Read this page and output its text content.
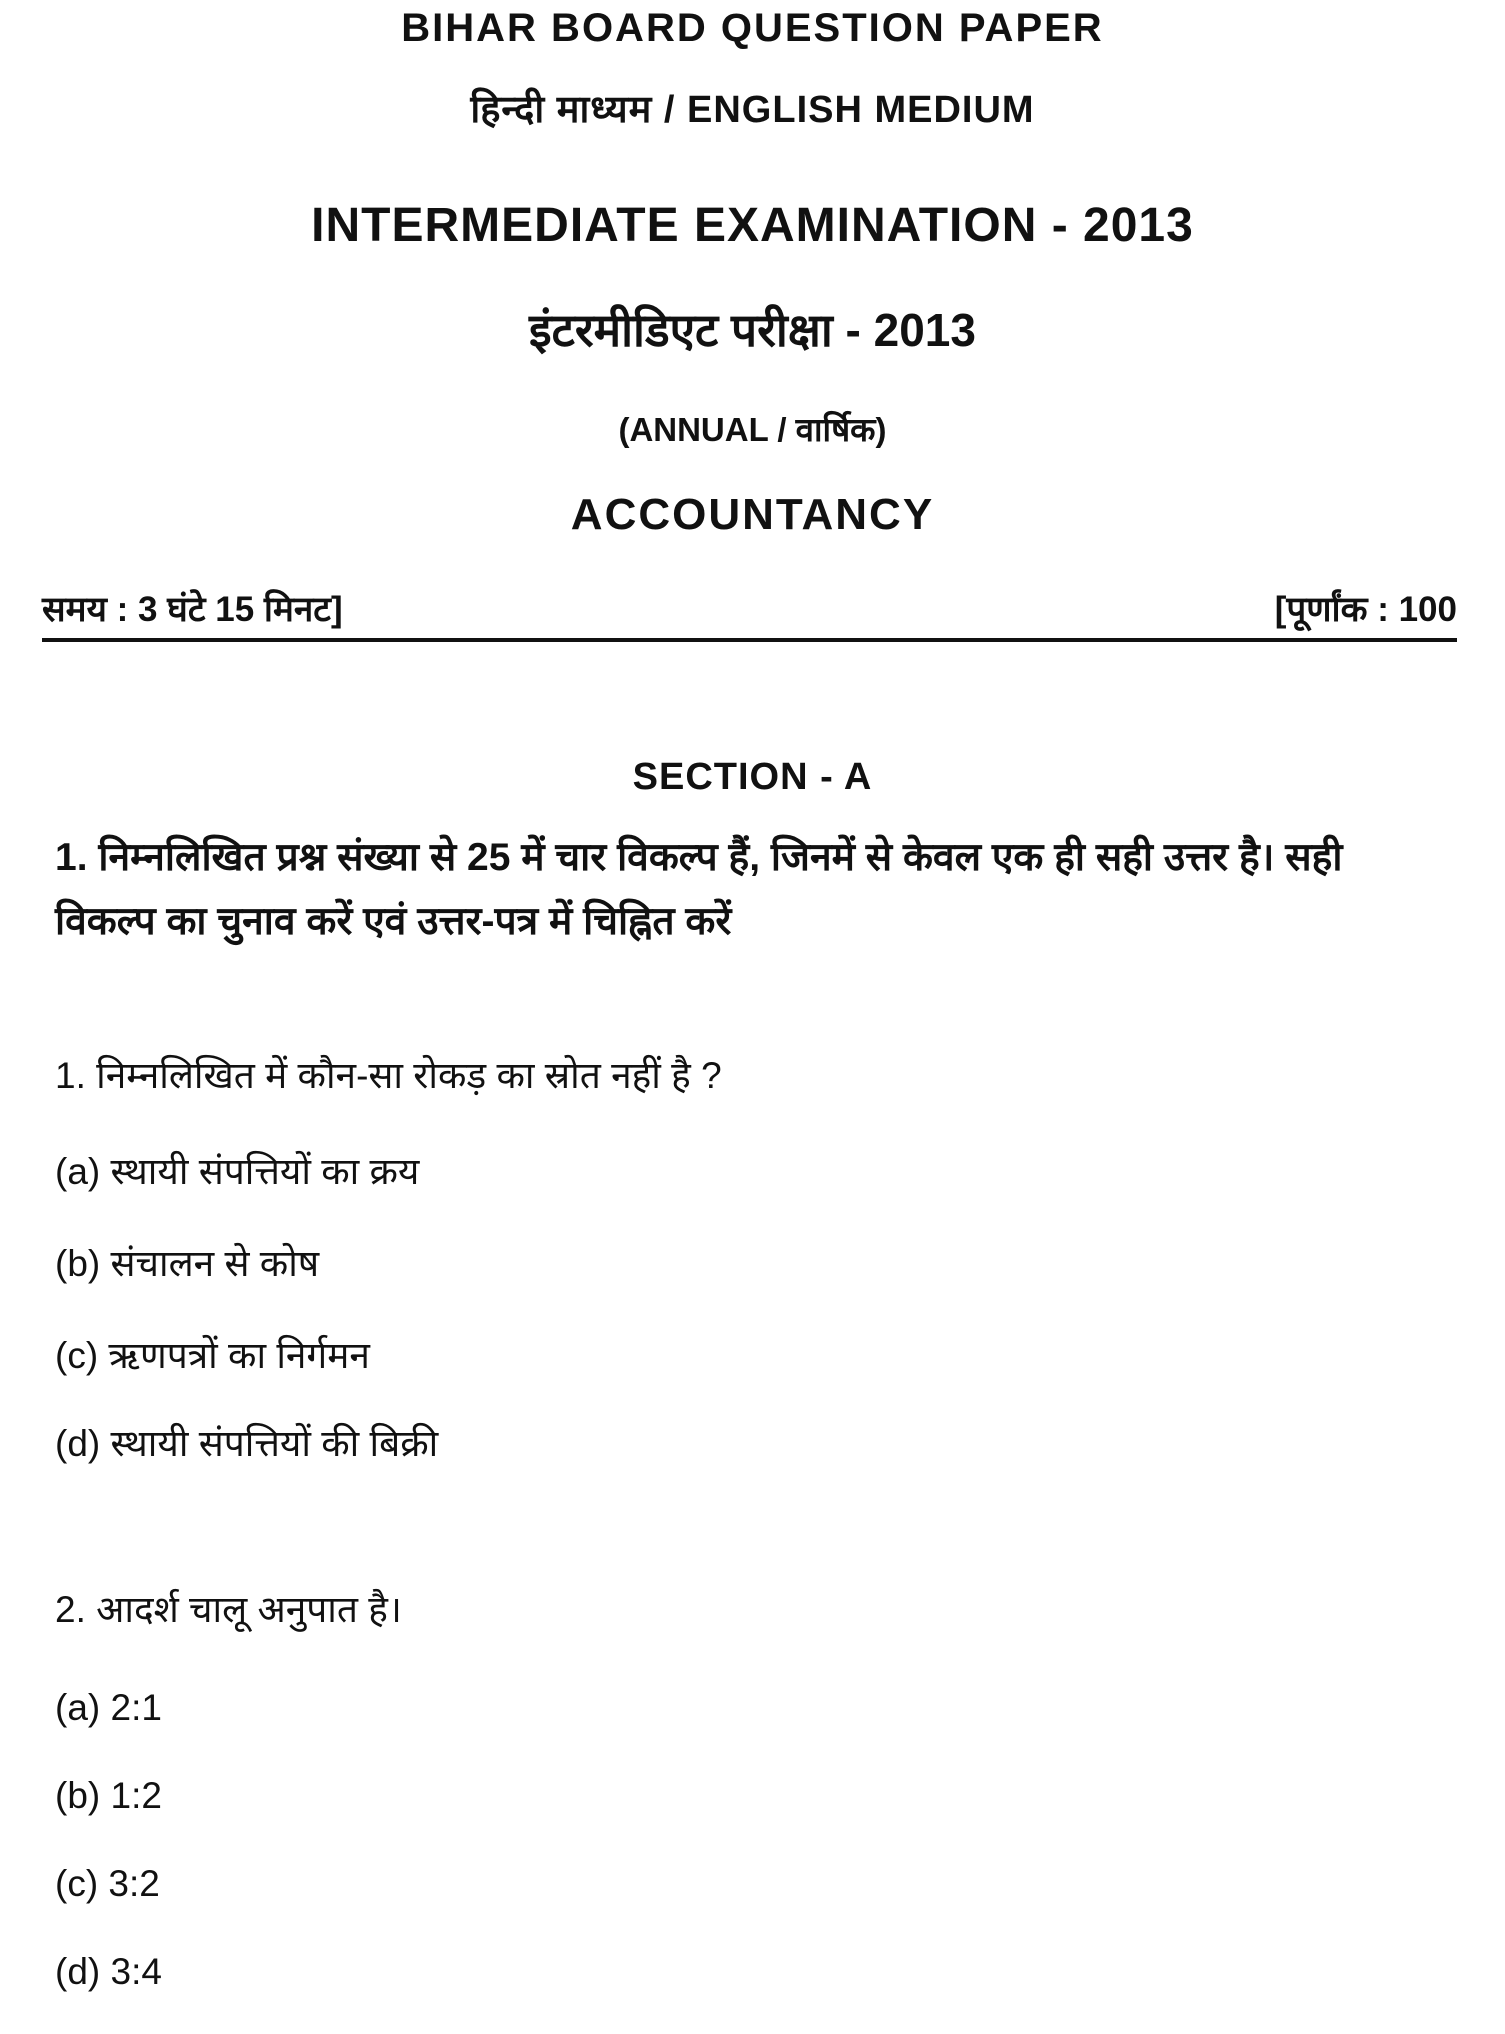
BIHAR BOARD QUESTION PAPER
हिन्दी माध्यम / ENGLISH MEDIUM
INTERMEDIATE EXAMINATION - 2013
इंटरमीडिएट परीक्षा - 2013
(ANNUAL / वार्षिक)
ACCOUNTANCY
समय : 3 घंटे 15 मिनट]	[पूर्णांक : 100
SECTION - A
1. निम्नलिखित प्रश्न संख्या से 25 में चार विकल्प हैं, जिनमें से केवल एक ही सही उत्तर है। सही विकल्प का चुनाव करें एवं उत्तर-पत्र में चिह्नित करें
1. निम्नलिखित में कौन-सा रोकड़ का स्रोत नहीं है ?
(a) स्थायी संपत्तियों का क्रय
(b) संचालन से कोष
(c) ऋणपत्रों का निर्गमन
(d) स्थायी संपत्तियों की बिक्री
2. आदर्श चालू अनुपात है।
(a) 2:1
(b) 1:2
(c) 3:2
(d) 3:4
